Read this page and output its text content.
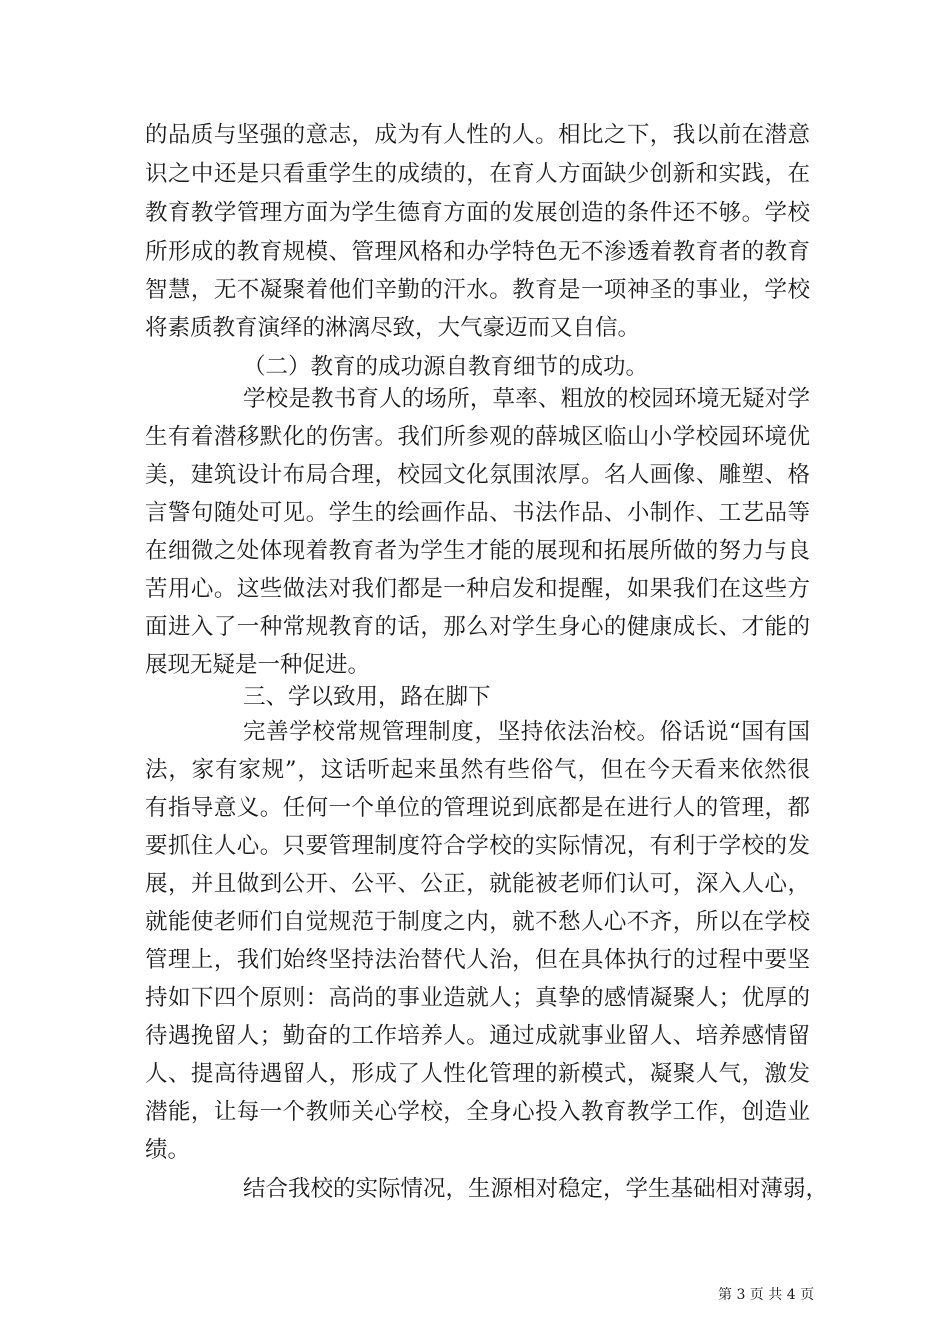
的品质与坚强的意志，成为有人性的人。相比之下，我以前在潜意
识之中还是只看重学生的成绩的，在育人方面缺少创新和实践，在
教育教学管理方面为学生德育方面的发展创造的条件还不够。学校
所形成的教育规模、管理风格和办学特色无不渗透着教育者的教育
智慧，无不凝聚着他们辛勤的汗水。教育是一项神圣的事业，学校
将素质教育演绎的淋漓尽致，大气豪迈而又自信。
（二）教育的成功源自教育细节的成功。
学校是教书育人的场所，草率、粗放的校园环境无疑对学
生有着潜移默化的伤害。我们所参观的薛城区临山小学校园环境优
美，建筑设计布局合理，校园文化氛围浓厚。名人画像、雕塑、格
言警句随处可见。学生的绘画作品、书法作品、小制作、工艺品等
在细微之处体现着教育者为学生才能的展现和拓展所做的努力与良
苦用心。这些做法对我们都是一种启发和提醒，如果我们在这些方
面进入了一种常规教育的话，那么对学生身心的健康成长、才能的
展现无疑是一种促进。
三、学以致用，路在脚下
完善学校常规管理制度，坚持依法治校。俗话说“国有国
法，家有家规”，这话听起来虽然有些俗气，但在今天看来依然很
有指导意义。任何一个单位的管理说到底都是在进行人的管理，都
要抓住人心。只要管理制度符合学校的实际情况，有利于学校的发
展，并且做到公开、公平、公正，就能被老师们认可，深入人心，
就能使老师们自觉规范于制度之内，就不愁人心不齐，所以在学校
管理上，我们始终坚持法治替代人治，但在具体执行的过程中要坚
持如下四个原则：高尚的事业造就人；真挚的感情凝聚人；优厚的
待遇挽留人；勤奋的工作培养人。通过成就事业留人、培养感情留
人、提高待遇留人，形成了人性化管理的新模式，凝聚人气，激发
潜能，让每一个教师关心学校，全身心投入教育教学工作，创造业
绩。
结合我校的实际情况，生源相对稳定，学生基础相对薄弱，
第 3 页 共 4 页
